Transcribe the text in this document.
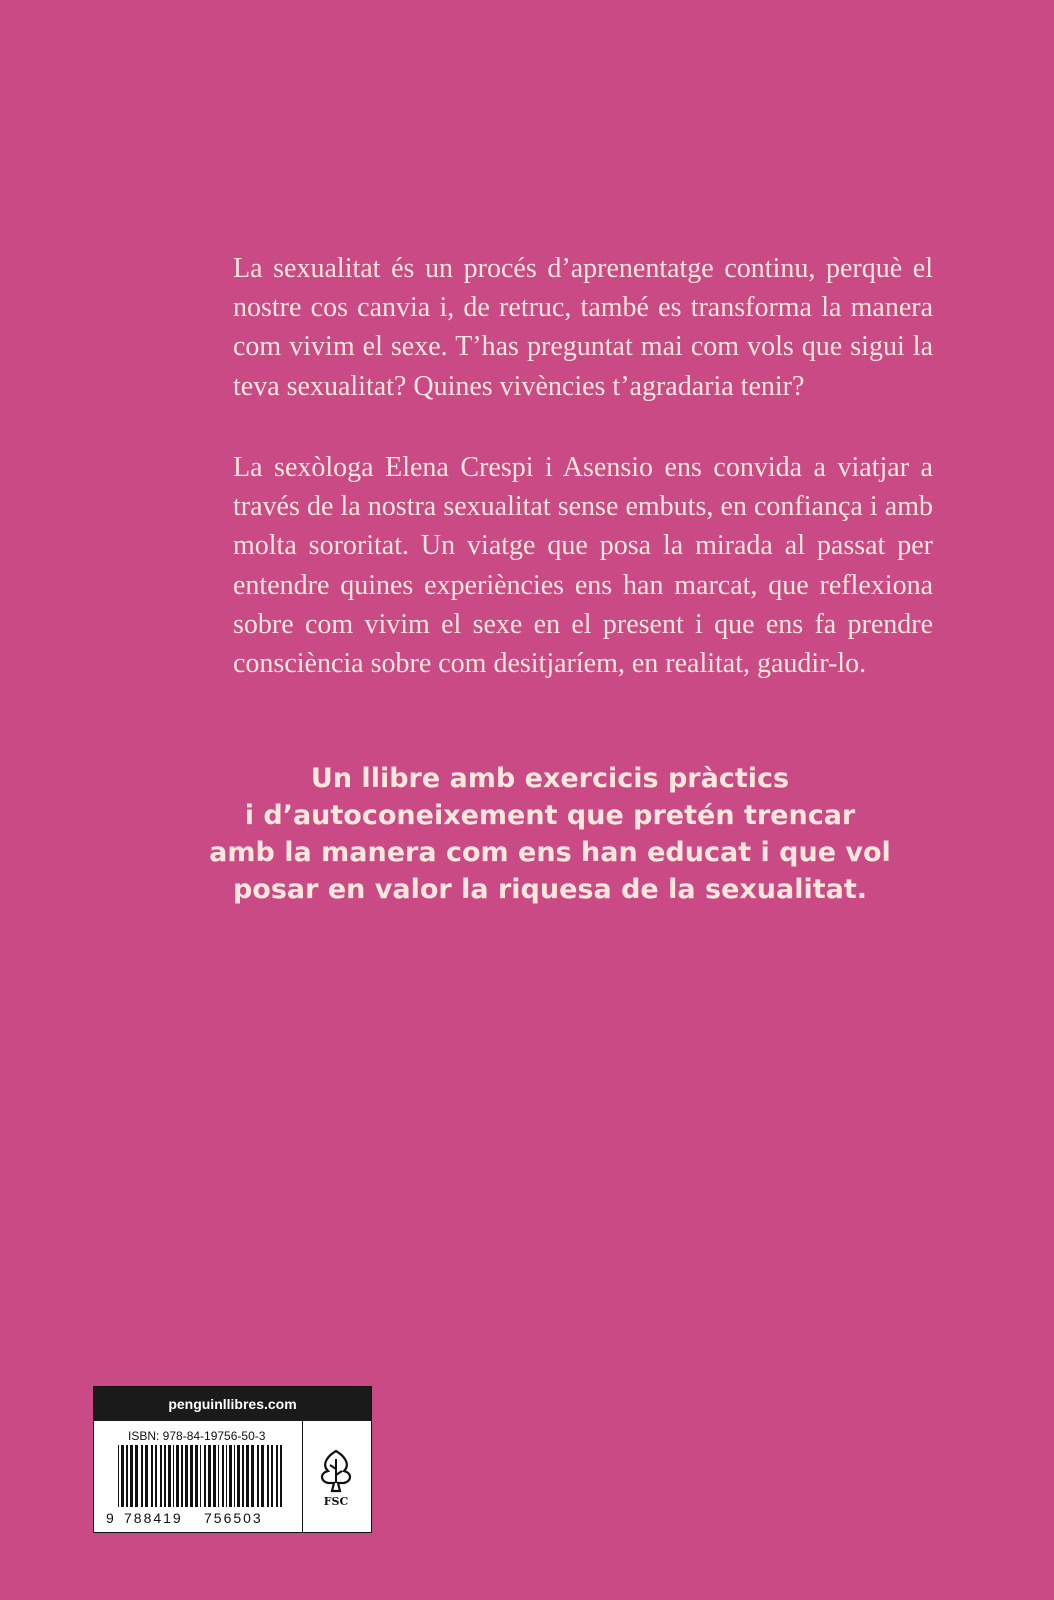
La sexualitat és un procés d’aprenentatge continu, perquè el nostre cos canvia i, de retruc, també es transforma la manera com vivim el sexe. T’has preguntat mai com vols que sigui la teva sexualitat? Quines vivències t’agradaria tenir?

La sexòloga Elena Crespi i Asensio ens convida a viatjar a través de la nostra sexualitat sense embuts, en confiança i amb molta sororitat. Un viatge que posa la mirada al passat per entendre quines experiències ens han marcat, que reflexiona sobre com vivim el sexe en el present i que ens fa prendre consciència sobre com desitjaríem, en realitat, gaudir-lo.

Un llibre amb exercicis pràctics
i d’autoconeixement que pretén trencar
amb la manera com ens han educat i que vol
posar en valor la riquesa de la sexualitat.

penguinllibres.com
ISBN: 978-84-19756-50-3
9 788419 756503
FSC
